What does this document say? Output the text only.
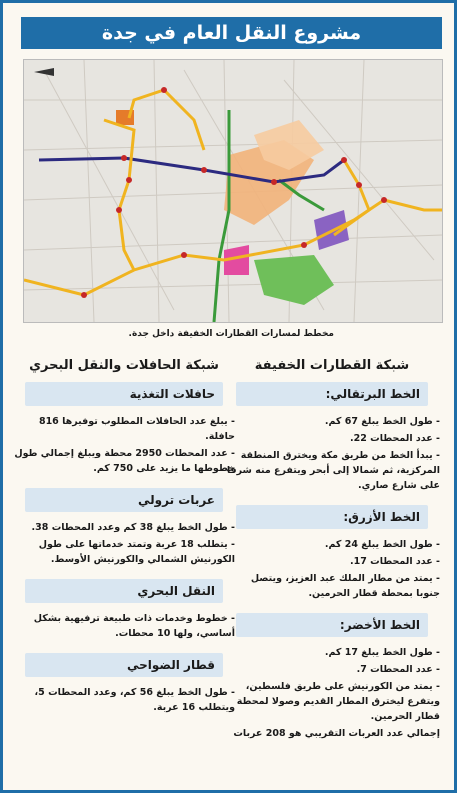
مشروع النقل العام في جدة
مخطط لمسارات القطارات الخفيفة داخل جدة.
شبكة القطارات الخفيفة
الخط البرتقالي:
- طول الخط يبلغ 67 كم.
- عدد المحطات 22.
- يبدأ الخط من طريق مكة ويخترق المنطقة المركزية، ثم شمالا إلى أبحر ويتفرع منه شرقا على شارع صاري.
الخط الأزرق:
- طول الخط يبلغ 24 كم.
- عدد المحطات 17.
- يمتد من مطار الملك عبد العزيز، ويتصل جنوبا بمحطة قطار الحرمين.
الخط الأخضر:
- طول الخط يبلغ 17 كم.
- عدد المحطات 7.
- يمتد من الكورنيش على طريق فلسطين، ويتفرع ليخترق المطار القديم وصولا لمحطة قطار الحرمين.
إجمالي عدد العربات التقريبي هو 208 عربات
شبكة الحافلات والنقل البحري
حافلات التغذية
- يبلغ عدد الحافلات المطلوب توفيرها 816 حافلة.
- عدد المحطات 2950 محطة ويبلغ إجمالي طول خطوطها ما يزيد على 750 كم.
عربات ترولي
- طول الخط يبلغ 38 كم وعدد المحطات 38.
- يتطلب 18 عربة وتمتد خدماتها على طول الكورنيش الشمالي والكورنيش الأوسط.
النقل البحري
- خطوط وخدمات ذات طبيعة ترفيهية بشكل أساسي، ولها 10 محطات.
قطار الضواحي
- طول الخط يبلغ 56 كم، وعدد المحطات 5، ويتطلب 16 عربة.
